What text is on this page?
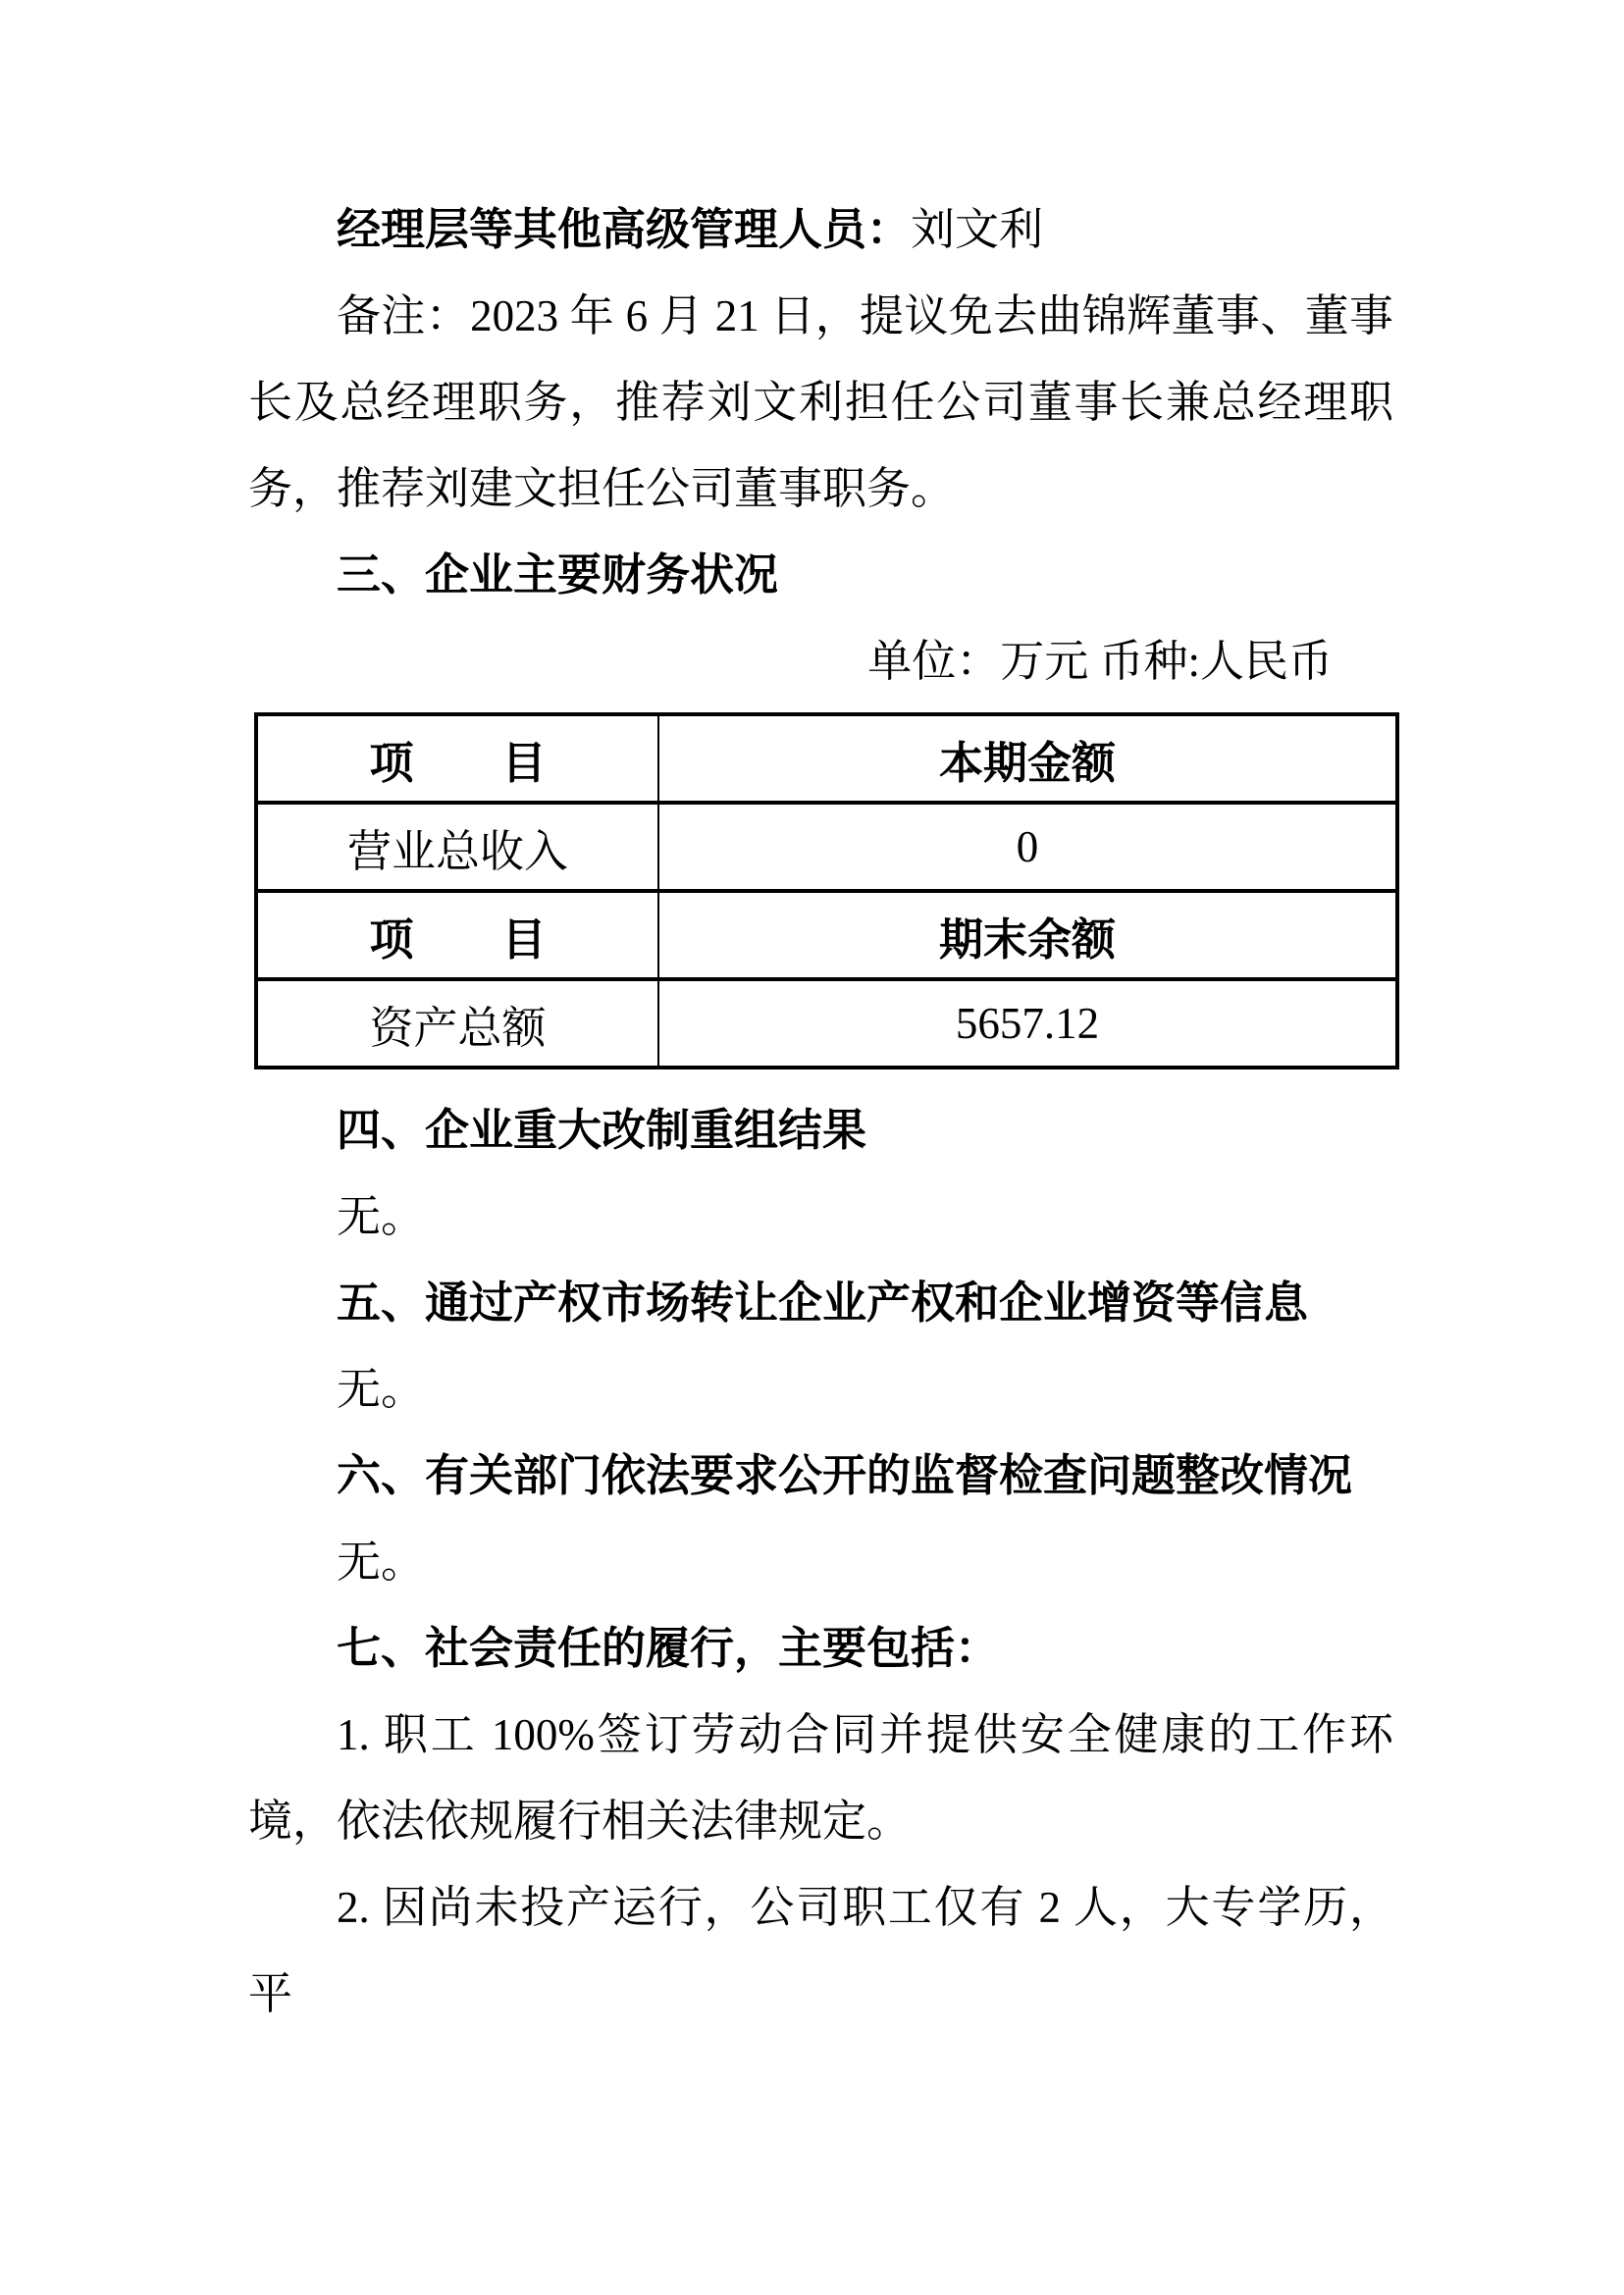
经理层等其他高级管理人员：刘文利

备注：2023 年 6 月 21 日，提议免去曲锦辉董事、董事长及总经理职务，推荐刘文利担任公司董事长兼总经理职务，推荐刘建文担任公司董事职务。

三、企业主要财务状况

单位：万元 币种:人民币

项　　目	本期金额
营业总收入	0
项　　目	期末余额
资产总额	5657.12

四、企业重大改制重组结果

无。

五、通过产权市场转让企业产权和企业增资等信息

无。

六、有关部门依法要求公开的监督检查问题整改情况

无。

七、社会责任的履行，主要包括：

1. 职工 100%签订劳动合同并提供安全健康的工作环境，依法依规履行相关法律规定。

2. 因尚未投产运行，公司职工仅有 2 人，大专学历，平
